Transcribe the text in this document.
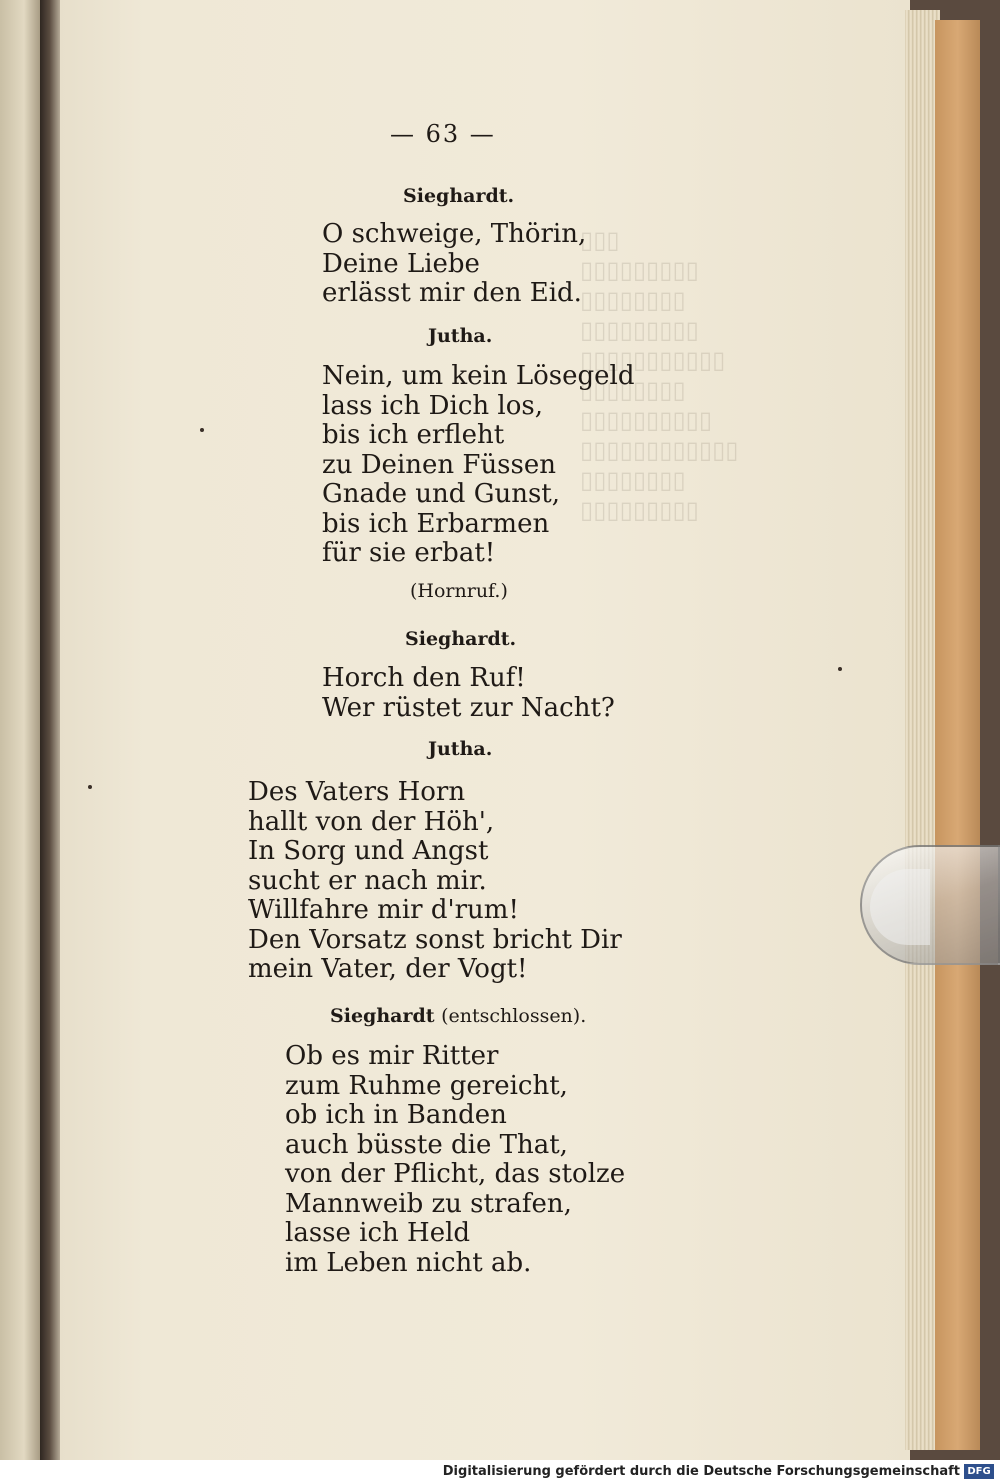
▯▯▯
▯▯▯▯▯▯▯▯▯
▯▯▯▯▯▯▯▯
▯▯▯▯▯▯▯▯▯
▯▯▯▯▯▯▯▯▯▯▯
▯▯▯▯▯▯▯▯
▯▯▯▯▯▯▯▯▯▯
▯▯▯▯▯▯▯▯▯▯▯▯
▯▯▯▯▯▯▯▯
▯▯▯▯▯▯▯▯▯
— 63 —
Sieghardt.
O schweige, Thörin,
Deine Liebe
erlässt mir den Eid.
Jutha.
Nein, um kein Lösegeld
lass ich Dich los,
bis ich erfleht
zu Deinen Füssen
Gnade und Gunst,
bis ich Erbarmen
für sie erbat!
(Hornruf.)
Sieghardt.
Horch den Ruf!
Wer rüstet zur Nacht?
Jutha.
Des Vaters Horn
hallt von der Höh',
In Sorg und Angst
sucht er nach mir.
Willfahre mir d'rum!
Den Vorsatz sonst bricht Dir
mein Vater, der Vogt!
Sieghardt (entschlossen).
Ob es mir Ritter
zum Ruhme gereicht,
ob ich in Banden
auch büsste die That,
von der Pflicht, das stolze
Mannweib zu strafen,
lasse ich Held
im Leben nicht ab.
Digitalisierung gefördert durch die Deutsche Forschungsgemeinschaft DFG
